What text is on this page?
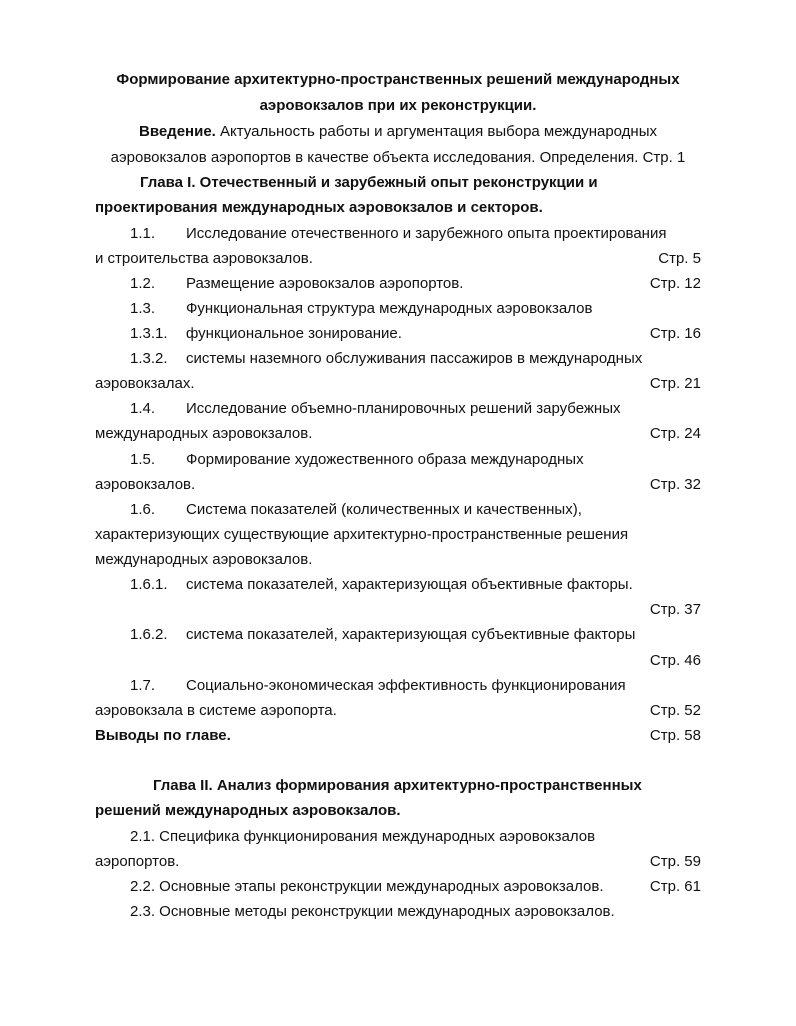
Формирование архитектурно-пространственных решений международных
аэровокзалов при их реконструкции.
Введение. Актуальность работы и аргументация выбора международных
аэровокзалов аэропортов в качестве объекта исследования. Определения. Стр. 1
Глава I. Отечественный и зарубежный опыт реконструкции и
проектирования международных аэровокзалов и секторов.
1.1. Исследование отечественного и зарубежного опыта проектирования
и строительства аэровокзалов.	Стр. 5
1.2. Размещение аэровокзалов аэропортов.	Стр. 12
1.3. Функциональная структура международных аэровокзалов
1.3.1. функциональное зонирование.	Стр. 16
1.3.2. системы наземного обслуживания пассажиров в международных
аэровокзалах.	Стр. 21
1.4. Исследование объемно-планировочных решений зарубежных
международных аэровокзалов.	Стр. 24
1.5. Формирование художественного образа международных
аэровокзалов.	Стр. 32
1.6. Система показателей (количественных и качественных),
характеризующих существующие архитектурно-пространственные решения
международных аэровокзалов.
1.6.1. система показателей, характеризующая объективные факторы.
Стр. 37
1.6.2. система показателей, характеризующая субъективные факторы
Стр. 46
1.7. Социально-экономическая эффективность функционирования
аэровокзала в системе аэропорта.	Стр. 52
Выводы по главе.	Стр. 58
Глава II. Анализ формирования архитектурно-пространственных
решений международных аэровокзалов.
2.1. Специфика функционирования международных аэровокзалов
аэропортов.	Стр. 59
2.2. Основные этапы реконструкции международных аэровокзалов.	Стр. 61
2.3. Основные методы реконструкции международных аэровокзалов.
